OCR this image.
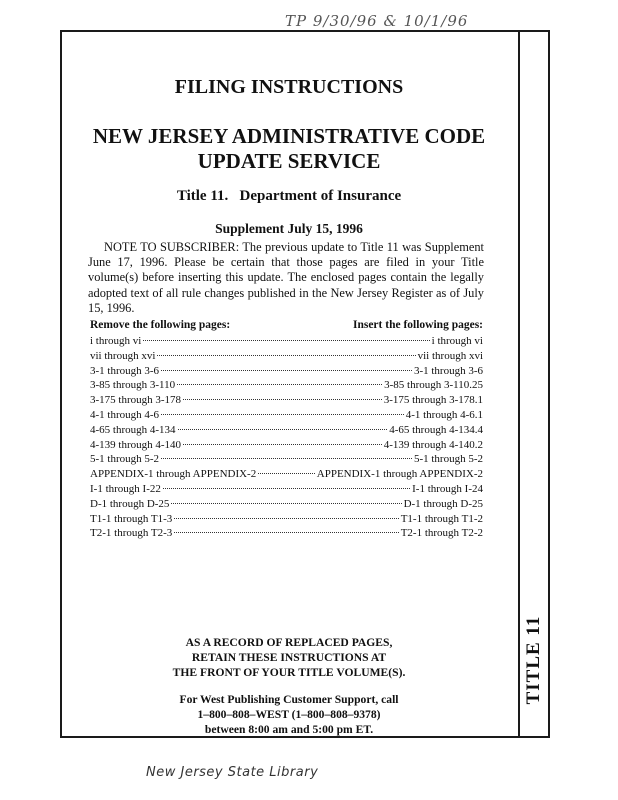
TP 9/30/96 & 10/1/96
TITLE 11
FILING INSTRUCTIONS
NEW JERSEY ADMINISTRATIVE CODE
UPDATE SERVICE
Title 11.   Department of Insurance
Supplement July 15, 1996
NOTE TO SUBSCRIBER: The previous update to Title 11 was Supplement June 17, 1996. Please be certain that those pages are filed in your Title volume(s) before inserting this update. The enclosed pages contain the legally adopted text of all rule changes published in the New Jersey Register as of July 15, 1996.
Remove the following pages:	Insert the following pages:
i through vi	i through vi
vii through xvi	vii through xvi
3-1 through 3-6	3-1 through 3-6
3-85 through 3-110	3-85 through 3-110.25
3-175 through 3-178	3-175 through 3-178.1
4-1 through 4-6	4-1 through 4-6.1
4-65 through 4-134	4-65 through 4-134.4
4-139 through 4-140	4-139 through 4-140.2
5-1 through 5-2	5-1 through 5-2
APPENDIX-1 through APPENDIX-2	APPENDIX-1 through APPENDIX-2
I-1 through I-22	I-1 through I-24
D-1 through D-25	D-1 through D-25
T1-1 through T1-3	T1-1 through T1-2
T2-1 through T2-3	T2-1 through T2-2
AS A RECORD OF REPLACED PAGES,
RETAIN THESE INSTRUCTIONS AT
THE FRONT OF YOUR TITLE VOLUME(S).
For West Publishing Customer Support, call
1–800–808–WEST (1–800–808–9378)
between 8:00 am and 5:00 pm ET.
New Jersey State Library
